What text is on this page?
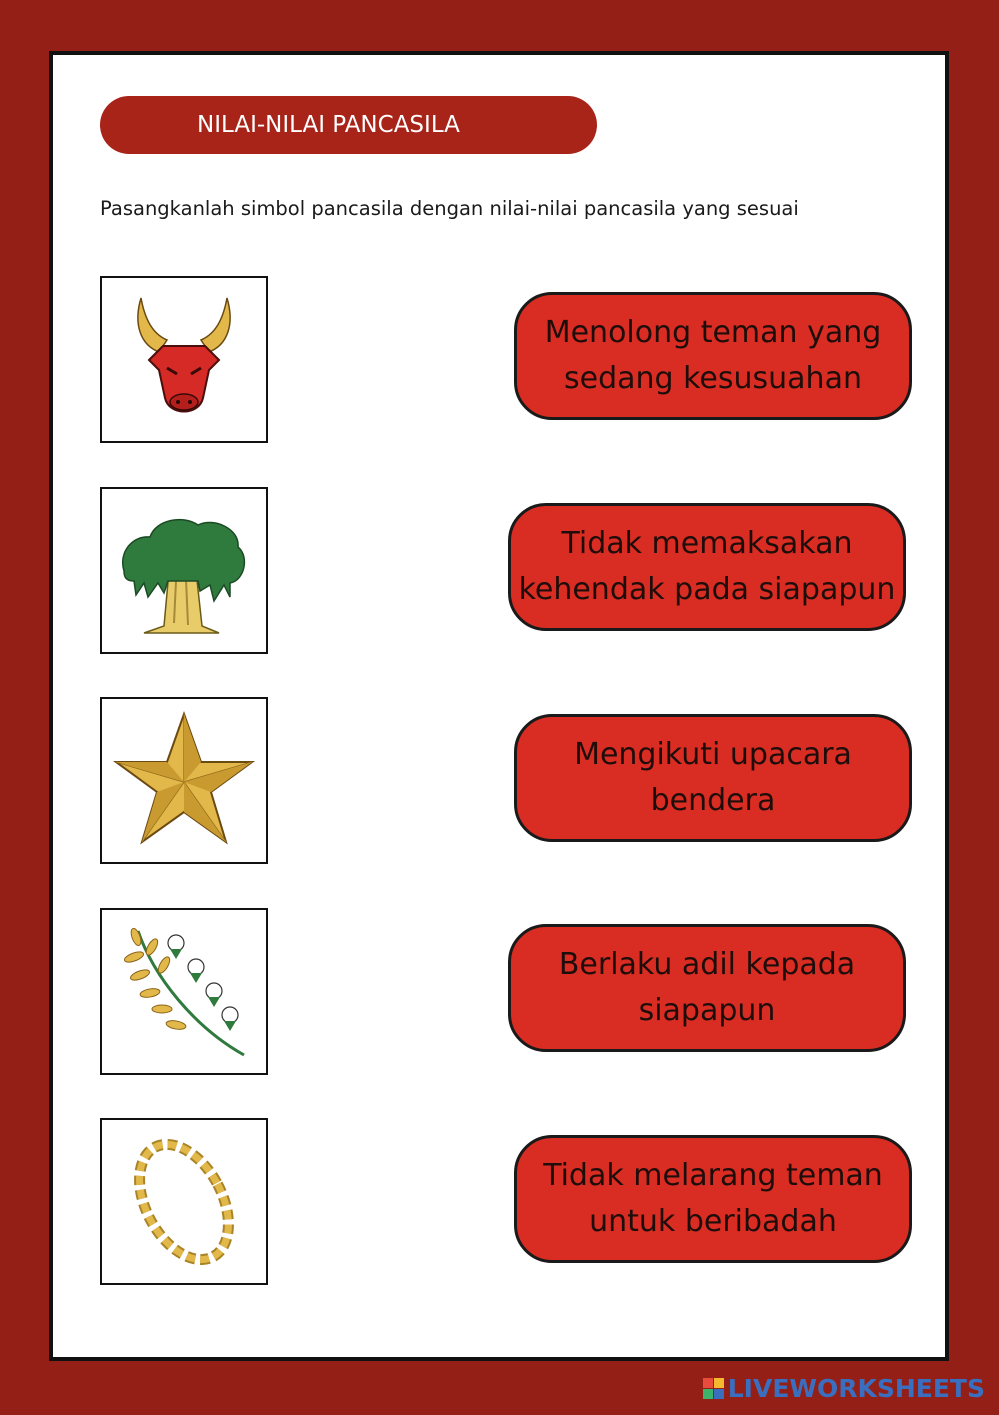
NILAI-NILAI PANCASILA
Pasangkanlah simbol pancasila dengan nilai-nilai pancasila yang sesuai
Menolong teman yang
sedang kesusuahan
Tidak memaksakan
kehendak pada siapapun
Mengikuti upacara
bendera
Berlaku adil kepada
siapapun
Tidak melarang teman
untuk beribadah
LIVEWORKSHEETS
